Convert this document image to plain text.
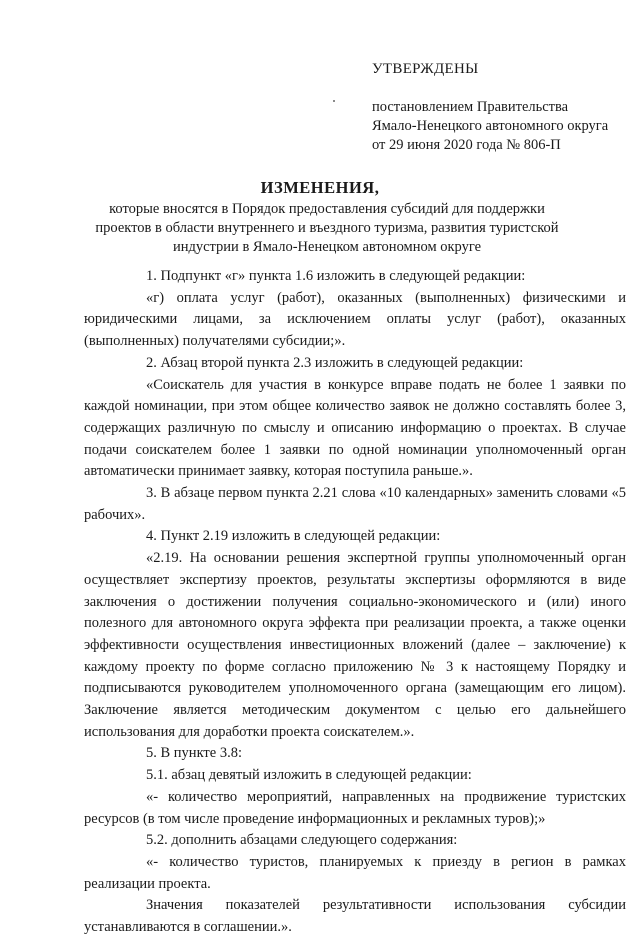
УТВЕРЖДЕНЫ

постановлением Правительства

Ямало-Ненецкого автономного округа

от 29 июня 2020 года № 806-П

ИЗМЕНЕНИЯ,

которые вносятся в Порядок предоставления субсидий для поддержки проектов в области внутреннего и въездного туризма, развития туристской индустрии в Ямало-Ненецком автономном округе

1. Подпункт «г» пункта 1.6 изложить в следующей редакции:

«г) оплата услуг (работ), оказанных (выполненных) физическими и юридическими лицами, за исключением оплаты услуг (работ), оказанных (выполненных) получателями субсидии;».

2. Абзац второй пункта 2.3 изложить в следующей редакции:

«Соискатель для участия в конкурсе вправе подать не более 1 заявки по каждой номинации, при этом общее количество заявок не должно составлять более 3, содержащих различную по смыслу и описанию информацию о проектах. В случае подачи соискателем более 1 заявки по одной номинации уполномоченный орган автоматически принимает заявку, которая поступила раньше.».

3. В абзаце первом пункта 2.21 слова «10 календарных» заменить словами «5 рабочих».

4. Пункт 2.19 изложить в следующей редакции:

«2.19. На основании решения экспертной группы уполномоченный орган осуществляет экспертизу проектов, результаты экспертизы оформляются в виде заключения о достижении получения социально-экономического и (или) иного полезного для автономного округа эффекта при реализации проекта, а также оценки эффективности осуществления инвестиционных вложений (далее – заключение) к каждому проекту по форме согласно приложению № 3 к настоящему Порядку и подписываются руководителем уполномоченного органа (замещающим его лицом). Заключение является методическим документом с целью его дальнейшего использования для доработки проекта соискателем.».

5. В пункте 3.8:

5.1. абзац девятый изложить в следующей редакции:

«- количество мероприятий, направленных на продвижение туристских ресурсов (в том числе проведение информационных и рекламных туров);»

5.2. дополнить абзацами следующего содержания:

«- количество туристов, планируемых к приезду в регион в рамках реализации проекта.

Значения показателей результативности использования субсидии устанавливаются в соглашении.».
